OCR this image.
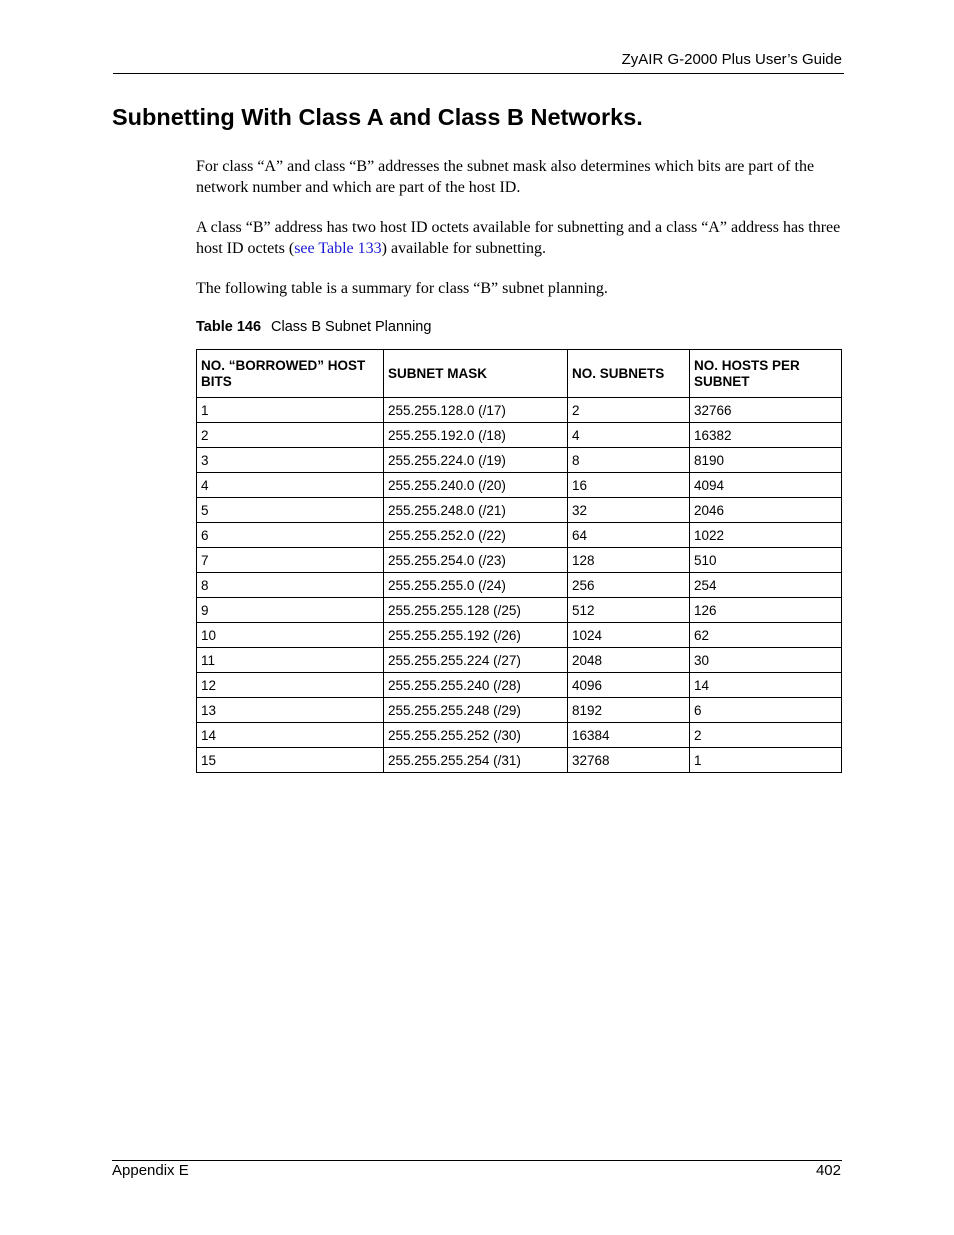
ZyAIR G-2000 Plus User’s Guide
Subnetting With Class A and Class B Networks.

For class “A” and class “B” addresses the subnet mask also determines which bits are part of the network number and which are part of the host ID.

A class “B” address has two host ID octets available for subnetting and a class “A” address has three host ID octets (see Table 133) available for subnetting.

The following table is a summary for class “B” subnet planning.

Table 146 Class B Subnet Planning
NO. “BORROWED” HOST BITS	SUBNET MASK	NO. SUBNETS	NO. HOSTS PER SUBNET
1	255.255.128.0 (/17)	2	32766
2	255.255.192.0 (/18)	4	16382
3	255.255.224.0 (/19)	8	8190
4	255.255.240.0 (/20)	16	4094
5	255.255.248.0 (/21)	32	2046
6	255.255.252.0 (/22)	64	1022
7	255.255.254.0 (/23)	128	510
8	255.255.255.0 (/24)	256	254
9	255.255.255.128 (/25)	512	126
10	255.255.255.192 (/26)	1024	62
11	255.255.255.224 (/27)	2048	30
12	255.255.255.240 (/28)	4096	14
13	255.255.255.248 (/29)	8192	6
14	255.255.255.252 (/30)	16384	2
15	255.255.255.254 (/31)	32768	1
Appendix E	402
